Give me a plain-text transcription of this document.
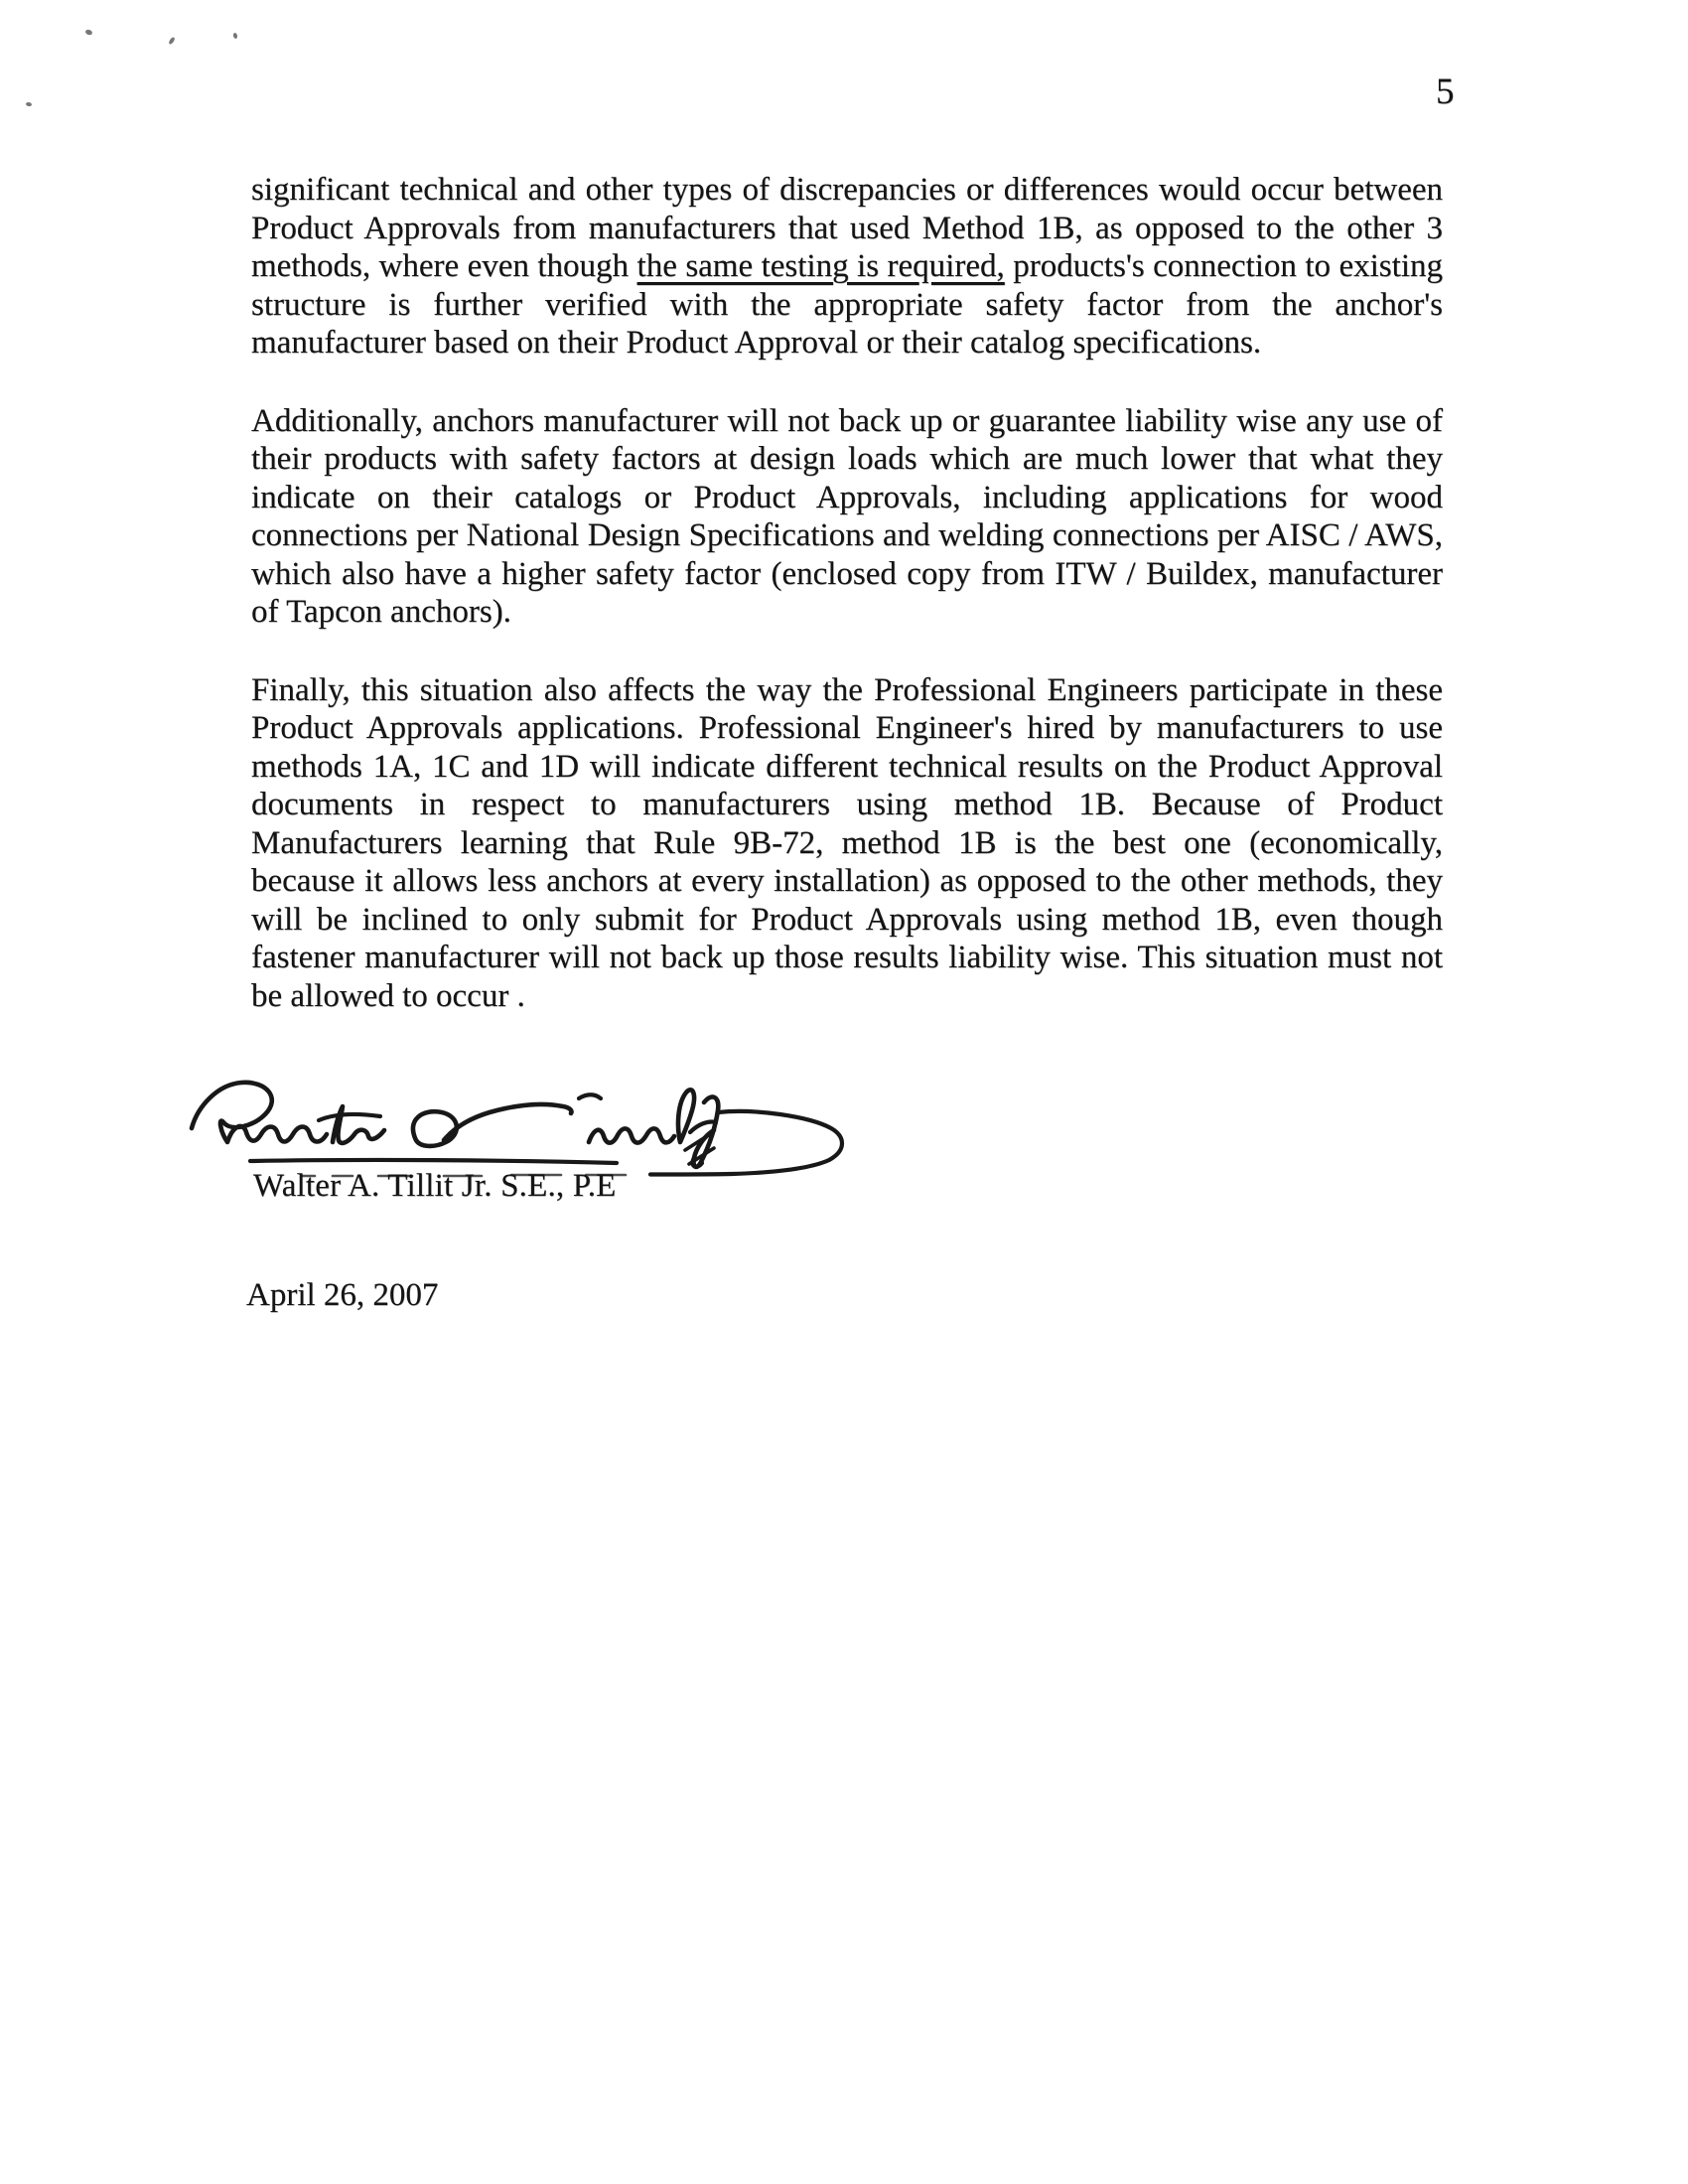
5

significant technical and other types of discrepancies or differences would occur between Product Approvals from manufacturers that used Method 1B, as opposed to the other 3 methods, where even though the same testing is required, products's connection to existing structure is further verified with the appropriate safety factor from the anchor's manufacturer based on their Product Approval or their catalog specifications.

Additionally, anchors manufacturer will not back up or guarantee liability wise any use of their products with safety factors at design loads which are much lower that what they indicate on their catalogs or Product Approvals, including applications for wood connections per National Design Specifications and welding connections per AISC / AWS, which also have a higher safety factor (enclosed copy from ITW / Buildex, manufacturer of Tapcon anchors).

Finally, this situation also affects the way the Professional Engineers participate in these Product Approvals applications. Professional Engineer's hired by manufacturers to use methods 1A, 1C and 1D will indicate different technical results on the Product Approval documents in respect to manufacturers using method 1B. Because of Product Manufacturers learning that Rule 9B-72, method 1B is the best one (economically, because it allows less anchors at every installation) as opposed to the other methods, they will be inclined to only submit for Product Approvals using method 1B, even though fastener manufacturer will not back up those results liability wise. This situation must not be allowed to occur .

Walter A. Tillit Jr. S.E., P.E
April 26, 2007
